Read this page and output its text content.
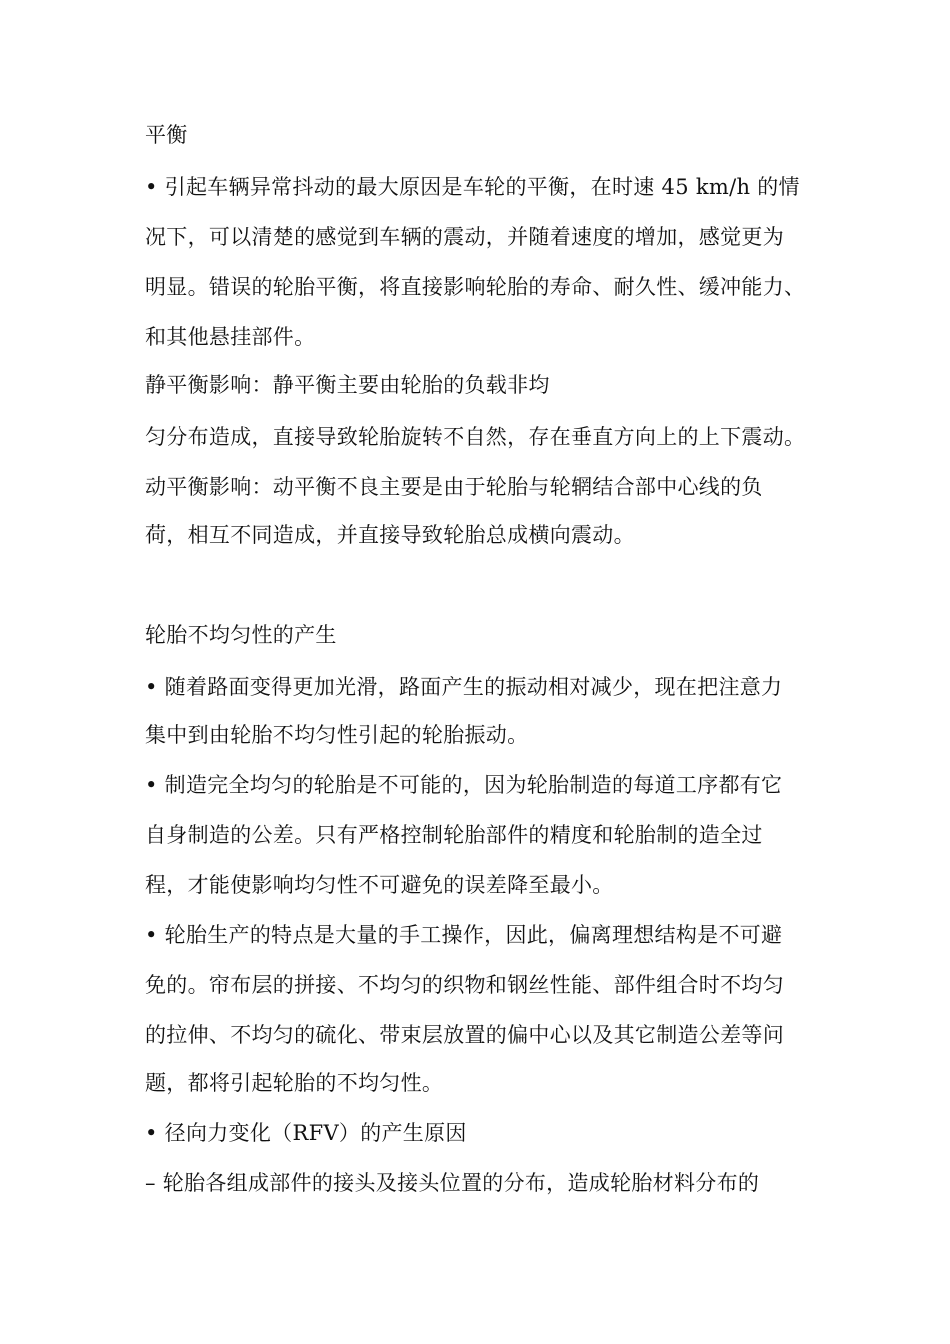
平衡
• 引起车辆异常抖动的最大原因是车轮的平衡，在时速 45 km/h 的情
况下，可以清楚的感觉到车辆的震动，并随着速度的增加，感觉更为
明显。错误的轮胎平衡，将直接影响轮胎的寿命、耐久性、缓冲能力、
和其他悬挂部件。
静平衡影响：静平衡主要由轮胎的负载非均
匀分布造成，直接导致轮胎旋转不自然，存在垂直方向上的上下震动。
动平衡影响：动平衡不良主要是由于轮胎与轮辋结合部中心线的负
荷，相互不同造成，并直接导致轮胎总成横向震动。
轮胎不均匀性的产生
• 随着路面变得更加光滑，路面产生的振动相对减少，现在把注意力
集中到由轮胎不均匀性引起的轮胎振动。
• 制造完全均匀的轮胎是不可能的，因为轮胎制造的每道工序都有它
自身制造的公差。只有严格控制轮胎部件的精度和轮胎制的造全过
程，才能使影响均匀性不可避免的误差降至最小。
• 轮胎生产的特点是大量的手工操作，因此，偏离理想结构是不可避
免的。帘布层的拼接、不均匀的织物和钢丝性能、部件组合时不均匀
的拉伸、不均匀的硫化、带束层放置的偏中心以及其它制造公差等问
题，都将引起轮胎的不均匀性。
• 径向力变化（RFV）的产生原因
– 轮胎各组成部件的接头及接头位置的分布，造成轮胎材料分布的
